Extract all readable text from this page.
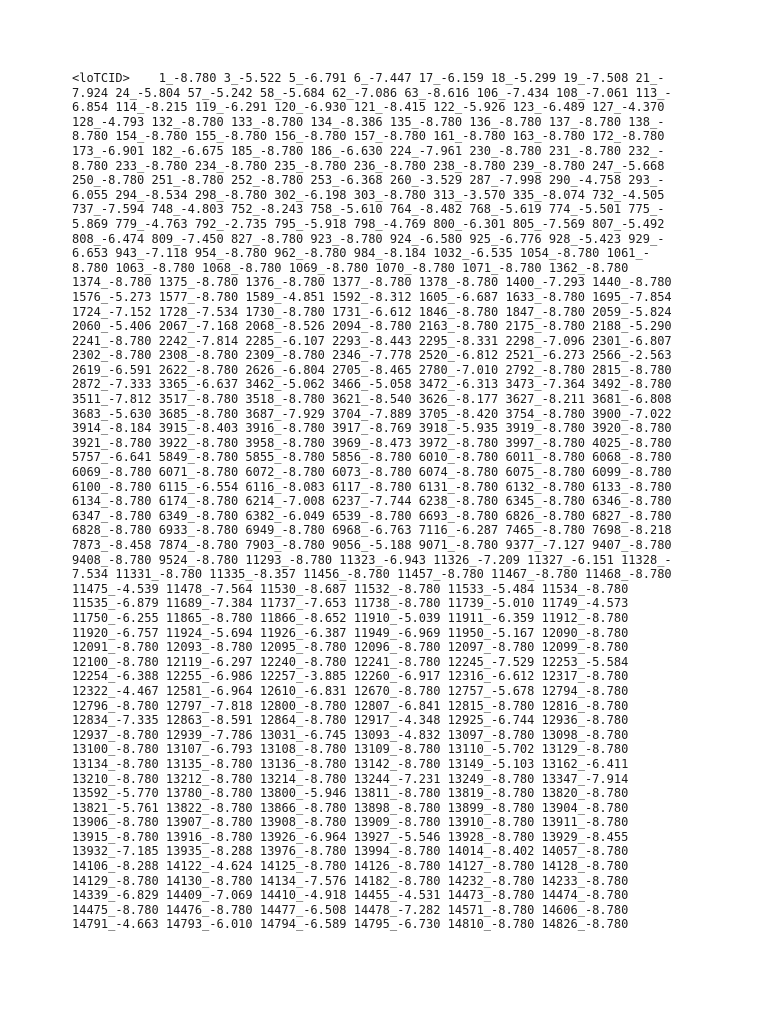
<loTCID>    1_-8.780 3_-5.522 5_-6.791 6_-7.447 17_-6.159 18_-5.299 19_-7.508 21_-
7.924 24_-5.804 57_-5.242 58_-5.684 62_-7.086 63_-8.616 106_-7.434 108_-7.061 113_-
6.854 114_-8.215 119_-6.291 120_-6.930 121_-8.415 122_-5.926 123_-6.489 127_-4.370
128_-4.793 132_-8.780 133_-8.780 134_-8.386 135_-8.780 136_-8.780 137_-8.780 138_-
8.780 154_-8.780 155_-8.780 156_-8.780 157_-8.780 161_-8.780 163_-8.780 172_-8.780
173_-6.901 182_-6.675 185_-8.780 186_-6.630 224_-7.961 230_-8.780 231_-8.780 232_-
8.780 233_-8.780 234_-8.780 235_-8.780 236_-8.780 238_-8.780 239_-8.780 247_-5.668
250_-8.780 251_-8.780 252_-8.780 253_-6.368 260_-3.529 287_-7.998 290_-4.758 293_-
6.055 294_-8.534 298_-8.780 302_-6.198 303_-8.780 313_-3.570 335_-8.074 732_-4.505
737_-7.594 748_-4.803 752_-8.243 758_-5.610 764_-8.482 768_-5.619 774_-5.501 775_-
5.869 779_-4.763 792_-2.735 795_-5.918 798_-4.769 800_-6.301 805_-7.569 807_-5.492
808_-6.474 809_-7.450 827_-8.780 923_-8.780 924_-6.580 925_-6.776 928_-5.423 929_-
6.653 943_-7.118 954_-8.780 962_-8.780 984_-8.184 1032_-6.535 1054_-8.780 1061_-
8.780 1063_-8.780 1068_-8.780 1069_-8.780 1070_-8.780 1071_-8.780 1362_-8.780
1374_-8.780 1375_-8.780 1376_-8.780 1377_-8.780 1378_-8.780 1400_-7.293 1440_-8.780
1576_-5.273 1577_-8.780 1589_-4.851 1592_-8.312 1605_-6.687 1633_-8.780 1695_-7.854
1724_-7.152 1728_-7.534 1730_-8.780 1731_-6.612 1846_-8.780 1847_-8.780 2059_-5.824
2060_-5.406 2067_-7.168 2068_-8.526 2094_-8.780 2163_-8.780 2175_-8.780 2188_-5.290
2241_-8.780 2242_-7.814 2285_-6.107 2293_-8.443 2295_-8.331 2298_-7.096 2301_-6.807
2302_-8.780 2308_-8.780 2309_-8.780 2346_-7.778 2520_-6.812 2521_-6.273 2566_-2.563
2619_-6.591 2622_-8.780 2626_-6.804 2705_-8.465 2780_-7.010 2792_-8.780 2815_-8.780
2872_-7.333 3365_-6.637 3462_-5.062 3466_-5.058 3472_-6.313 3473_-7.364 3492_-8.780
3511_-7.812 3517_-8.780 3518_-8.780 3621_-8.540 3626_-8.177 3627_-8.211 3681_-6.808
3683_-5.630 3685_-8.780 3687_-7.929 3704_-7.889 3705_-8.420 3754_-8.780 3900_-7.022
3914_-8.184 3915_-8.403 3916_-8.780 3917_-8.769 3918_-5.935 3919_-8.780 3920_-8.780
3921_-8.780 3922_-8.780 3958_-8.780 3969_-8.473 3972_-8.780 3997_-8.780 4025_-8.780
5757_-6.641 5849_-8.780 5855_-8.780 5856_-8.780 6010_-8.780 6011_-8.780 6068_-8.780
6069_-8.780 6071_-8.780 6072_-8.780 6073_-8.780 6074_-8.780 6075_-8.780 6099_-8.780
6100_-8.780 6115_-6.554 6116_-8.083 6117_-8.780 6131_-8.780 6132_-8.780 6133_-8.780
6134_-8.780 6174_-8.780 6214_-7.008 6237_-7.744 6238_-8.780 6345_-8.780 6346_-8.780
6347_-8.780 6349_-8.780 6382_-6.049 6539_-8.780 6693_-8.780 6826_-8.780 6827_-8.780
6828_-8.780 6933_-8.780 6949_-8.780 6968_-6.763 7116_-6.287 7465_-8.780 7698_-8.218
7873_-8.458 7874_-8.780 7903_-8.780 9056_-5.188 9071_-8.780 9377_-7.127 9407_-8.780
9408_-8.780 9524_-8.780 11293_-8.780 11323_-6.943 11326_-7.209 11327_-6.151 11328_-
7.534 11331_-8.780 11335_-8.357 11456_-8.780 11457_-8.780 11467_-8.780 11468_-8.780
11475_-4.539 11478_-7.564 11530_-8.687 11532_-8.780 11533_-5.484 11534_-8.780
11535_-6.879 11689_-7.384 11737_-7.653 11738_-8.780 11739_-5.010 11749_-4.573
11750_-6.255 11865_-8.780 11866_-8.652 11910_-5.039 11911_-6.359 11912_-8.780
11920_-6.757 11924_-5.694 11926_-6.387 11949_-6.969 11950_-5.167 12090_-8.780
12091_-8.780 12093_-8.780 12095_-8.780 12096_-8.780 12097_-8.780 12099_-8.780
12100_-8.780 12119_-6.297 12240_-8.780 12241_-8.780 12245_-7.529 12253_-5.584
12254_-6.388 12255_-6.986 12257_-3.885 12260_-6.917 12316_-6.612 12317_-8.780
12322_-4.467 12581_-6.964 12610_-6.831 12670_-8.780 12757_-5.678 12794_-8.780
12796_-8.780 12797_-7.818 12800_-8.780 12807_-6.841 12815_-8.780 12816_-8.780
12834_-7.335 12863_-8.591 12864_-8.780 12917_-4.348 12925_-6.744 12936_-8.780
12937_-8.780 12939_-7.786 13031_-6.745 13093_-4.832 13097_-8.780 13098_-8.780
13100_-8.780 13107_-6.793 13108_-8.780 13109_-8.780 13110_-5.702 13129_-8.780
13134_-8.780 13135_-8.780 13136_-8.780 13142_-8.780 13149_-5.103 13162_-6.411
13210_-8.780 13212_-8.780 13214_-8.780 13244_-7.231 13249_-8.780 13347_-7.914
13592_-5.770 13780_-8.780 13800_-5.946 13811_-8.780 13819_-8.780 13820_-8.780
13821_-5.761 13822_-8.780 13866_-8.780 13898_-8.780 13899_-8.780 13904_-8.780
13906_-8.780 13907_-8.780 13908_-8.780 13909_-8.780 13910_-8.780 13911_-8.780
13915_-8.780 13916_-8.780 13926_-6.964 13927_-5.546 13928_-8.780 13929_-8.455
13932_-7.185 13935_-8.288 13976_-8.780 13994_-8.780 14014_-8.402 14057_-8.780
14106_-8.288 14122_-4.624 14125_-8.780 14126_-8.780 14127_-8.780 14128_-8.780
14129_-8.780 14130_-8.780 14134_-7.576 14182_-8.780 14232_-8.780 14233_-8.780
14339_-6.829 14409_-7.069 14410_-4.918 14455_-4.531 14473_-8.780 14474_-8.780
14475_-8.780 14476_-8.780 14477_-6.508 14478_-7.282 14571_-8.780 14606_-8.780
14791_-4.663 14793_-6.010 14794_-6.589 14795_-6.730 14810_-8.780 14826_-8.780
